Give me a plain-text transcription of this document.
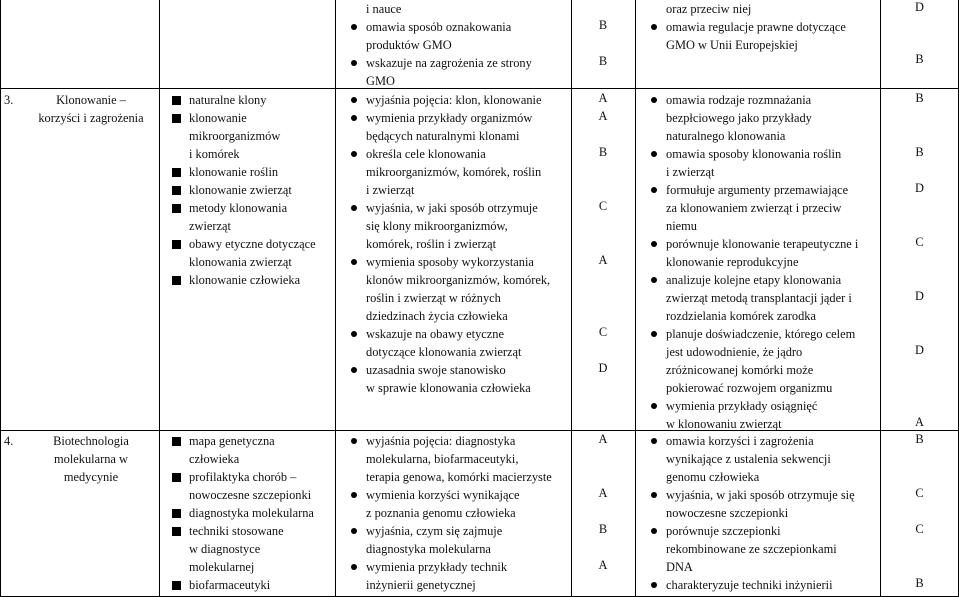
i nauce
omawia sposób oznakowania
produktów GMO
wskazuje na zagrożenia ze strony
GMO
B
B
oraz przeciw niej
omawia regulacje prawne dotyczące
GMO w Unii Europejskiej
D
B
3.	Klonowanie –
korzyści i zagrożenia
naturalne klony
klonowanie
mikroorganizmów
i komórek
klonowanie roślin
klonowanie zwierząt
metody klonowania
zwierząt
obawy etyczne dotyczące
klonowania zwierząt
klonowanie człowieka
wyjaśnia pojęcia: klon, klonowanie
wymienia przykłady organizmów
będących naturalnymi klonami
określa cele klonowania
mikroorganizmów, komórek, roślin
i zwierząt
wyjaśnia, w jaki sposób otrzymuje
się klony mikroorganizmów,
komórek, roślin i zwierząt
wymienia sposoby wykorzystania
klonów mikroorganizmów, komórek,
roślin i zwierząt w różnych
dziedzinach życia człowieka
wskazuje na obawy etyczne
dotyczące klonowania zwierząt
uzasadnia swoje stanowisko
w sprawie klonowania człowieka
A
A
B
C
A
C
D
omawia rodzaje rozmnażania
bezpłciowego jako przykłady
naturalnego klonowania
omawia sposoby klonowania roślin
i zwierząt
formułuje argumenty przemawiające
za klonowaniem zwierząt i przeciw
niemu
porównuje klonowanie terapeutyczne i
klonowanie reprodukcyjne
analizuje kolejne etapy klonowania
zwierząt metodą transplantacji jąder i
rozdzielania komórek zarodka
planuje doświadczenie, którego celem
jest udowodnienie, że jądro
zróżnicowanej komórki może
pokierować rozwojem organizmu
wymienia przykłady osiągnięć
w klonowaniu zwierząt
B
B
D
C
D
D
A
4.	Biotechnologia
molekularna w
medycynie
mapa genetyczna
człowieka
profilaktyka chorób –
nowoczesne szczepionki
diagnostyka molekularna
techniki stosowane
w diagnostyce
molekularnej
biofarmaceutyki
wyjaśnia pojęcia: diagnostyka
molekularna, biofarmaceutyki,
terapia genowa, komórki macierzyste
wymienia korzyści wynikające
z poznania genomu człowieka
wyjaśnia, czym się zajmuje
diagnostyka molekularna
wymienia przykłady technik
inżynierii genetycznej
A
A
B
A
omawia korzyści i zagrożenia
wynikające z ustalenia sekwencji
genomu człowieka
wyjaśnia, w jaki sposób otrzymuje się
nowoczesne szczepionki
porównuje szczepionki
rekombinowane ze szczepionkami
DNA
charakteryzuje techniki inżynierii
B
C
C
B
